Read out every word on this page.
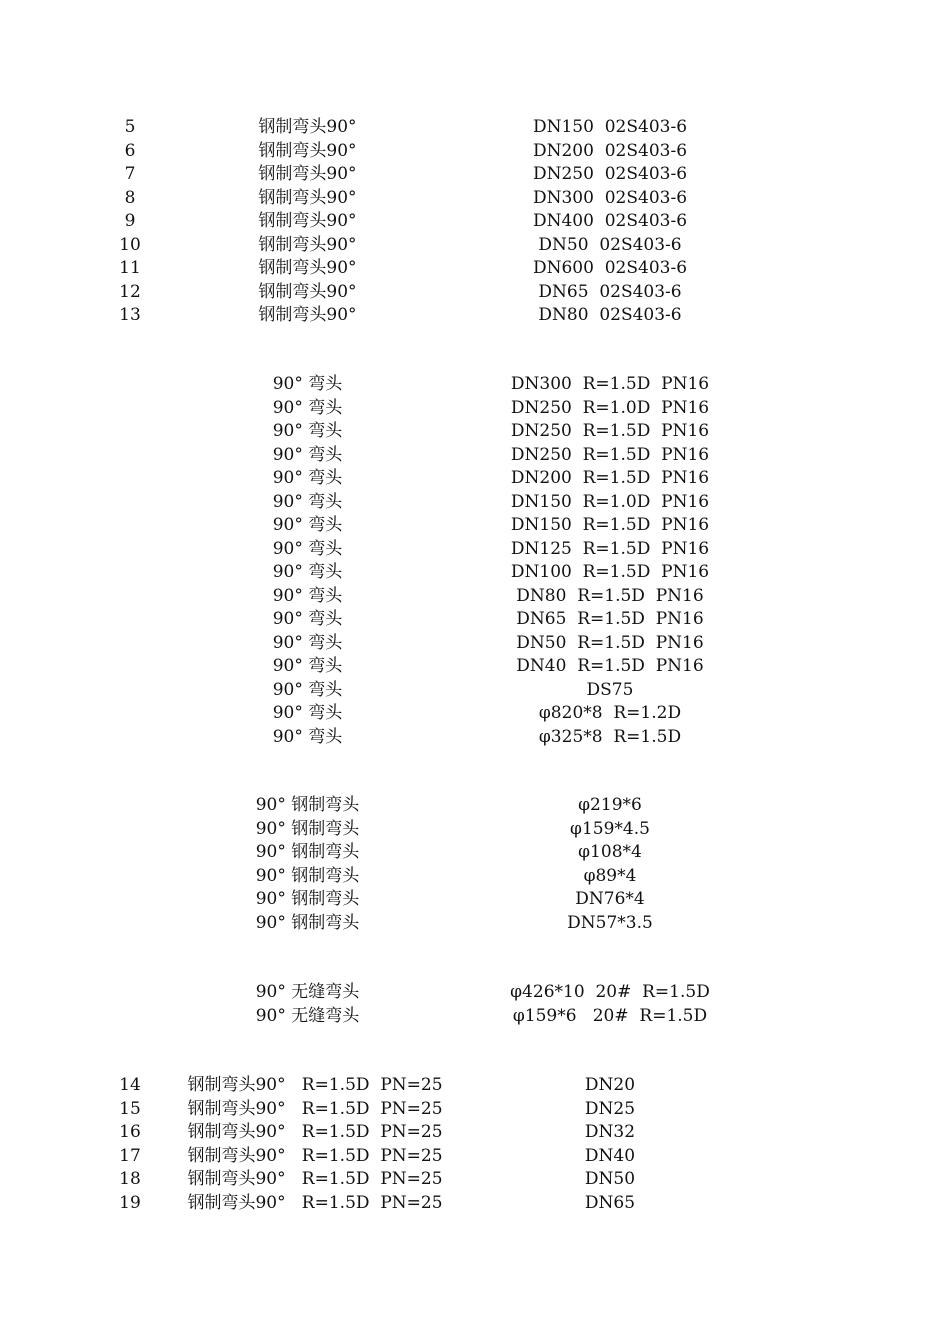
5	钢制弯头90°	DN150  02S403-6
6	钢制弯头90°	DN200  02S403-6
7	钢制弯头90°	DN250  02S403-6
8	钢制弯头90°	DN300  02S403-6
9	钢制弯头90°	DN400  02S403-6
10	钢制弯头90°	DN50  02S403-6
11	钢制弯头90°	DN600  02S403-6
12	钢制弯头90°	DN65  02S403-6
13	钢制弯头90°	DN80  02S403-6
90° 弯头	DN300  R=1.5D  PN16
90° 弯头	DN250  R=1.0D  PN16
90° 弯头	DN250  R=1.5D  PN16
90° 弯头	DN250  R=1.5D  PN16
90° 弯头	DN200  R=1.5D  PN16
90° 弯头	DN150  R=1.0D  PN16
90° 弯头	DN150  R=1.5D  PN16
90° 弯头	DN125  R=1.5D  PN16
90° 弯头	DN100  R=1.5D  PN16
90° 弯头	DN80  R=1.5D  PN16
90° 弯头	DN65  R=1.5D  PN16
90° 弯头	DN50  R=1.5D  PN16
90° 弯头	DN40  R=1.5D  PN16
90° 弯头	DS75
90° 弯头	φ820*8  R=1.2D
90° 弯头	φ325*8  R=1.5D
90° 钢制弯头	φ219*6
90° 钢制弯头	φ159*4.5
90° 钢制弯头	φ108*4
90° 钢制弯头	φ89*4
90° 钢制弯头	DN76*4
90° 钢制弯头	DN57*3.5
90° 无缝弯头	φ426*10  20#  R=1.5D
90° 无缝弯头	φ159*6   20#  R=1.5D
14	钢制弯头90°   R=1.5D  PN=25	DN20
15	钢制弯头90°   R=1.5D  PN=25	DN25
16	钢制弯头90°   R=1.5D  PN=25	DN32
17	钢制弯头90°   R=1.5D  PN=25	DN40
18	钢制弯头90°   R=1.5D  PN=25	DN50
19	钢制弯头90°   R=1.5D  PN=25	DN65
